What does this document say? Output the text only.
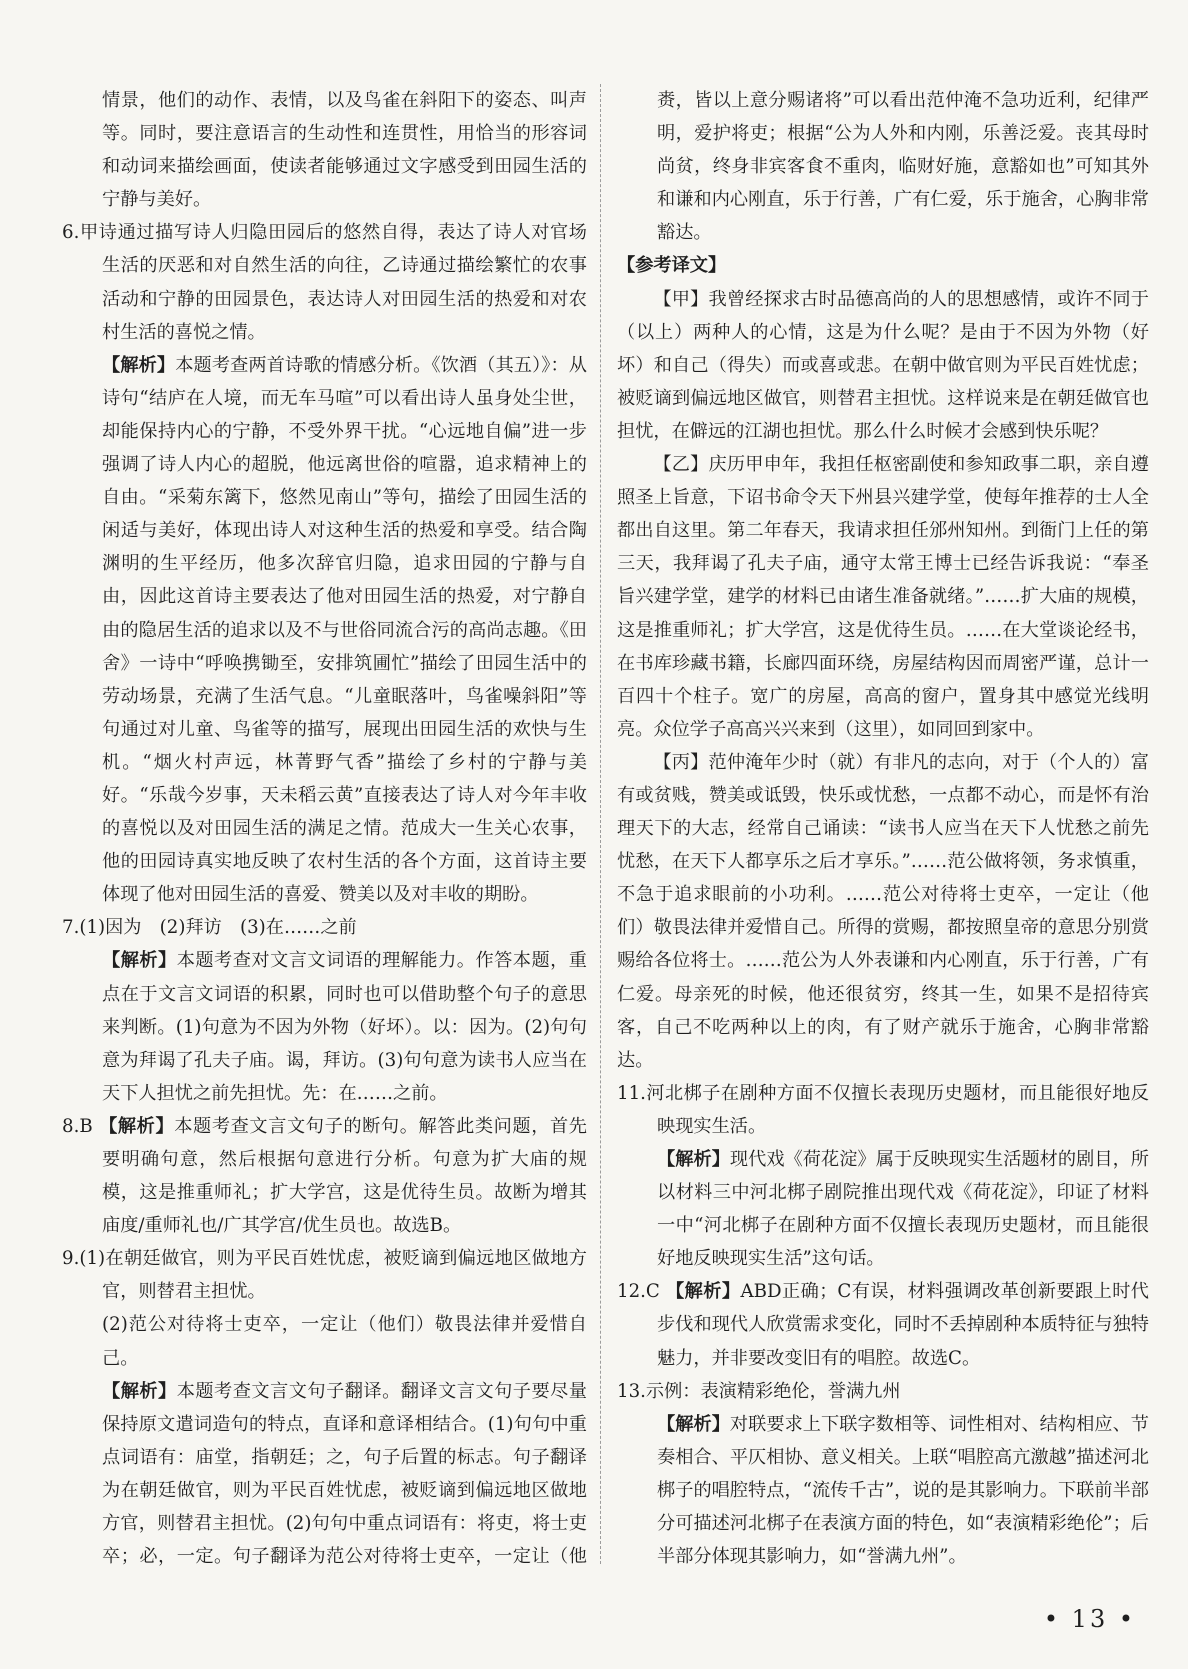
情景，他们的动作、表情，以及鸟雀在斜阳下的姿态、叫声等。同时，要注意语言的生动性和连贯性，用恰当的形容词和动词来描绘画面，使读者能够通过文字感受到田园生活的宁静与美好。

6.甲诗通过描写诗人归隐田园后的悠然自得，表达了诗人对官场生活的厌恶和对自然生活的向往，乙诗通过描绘繁忙的农事活动和宁静的田园景色，表达诗人对田园生活的热爱和对农村生活的喜悦之情。

【解析】本题考查两首诗歌的情感分析。《饮酒（其五）》：从诗句“结庐在人境，而无车马喧”可以看出诗人虽身处尘世，却能保持内心的宁静，不受外界干扰。“心远地自偏”进一步强调了诗人内心的超脱，他远离世俗的喧嚣，追求精神上的自由。“采菊东篱下，悠然见南山”等句，描绘了田园生活的闲适与美好，体现出诗人对这种生活的热爱和享受。结合陶渊明的生平经历，他多次辞官归隐，追求田园的宁静与自由，因此这首诗主要表达了他对田园生活的热爱，对宁静自由的隐居生活的追求以及不与世俗同流合污的高尚志趣。《田舍》一诗中“呼唤携锄至，安排筑圃忙”描绘了田园生活中的劳动场景，充满了生活气息。“儿童眠落叶，鸟雀噪斜阳”等句通过对儿童、鸟雀等的描写，展现出田园生活的欢快与生机。“烟火村声远，林菁野气香”描绘了乡村的宁静与美好。“乐哉今岁事，天未稻云黄”直接表达了诗人对今年丰收的喜悦以及对田园生活的满足之情。范成大一生关心农事，他的田园诗真实地反映了农村生活的各个方面，这首诗主要体现了他对田园生活的喜爱、赞美以及对丰收的期盼。

7.(1)因为　(2)拜访　(3)在……之前

【解析】本题考查对文言文词语的理解能力。作答本题，重点在于文言文词语的积累，同时也可以借助整个句子的意思来判断。(1)句意为不因为外物（好坏）。以：因为。(2)句句意为拜谒了孔夫子庙。谒，拜访。(3)句句意为读书人应当在天下人担忧之前先担忧。先：在……之前。

8.B 【解析】本题考查文言文句子的断句。解答此类问题，首先要明确句意，然后根据句意进行分析。句意为扩大庙的规模，这是推重师礼；扩大学宫，这是优待生员。故断为增其庙度/重师礼也/广其学宫/优生员也。故选B。

9.(1)在朝廷做官，则为平民百姓忧虑，被贬谪到偏远地区做地方官，则替君主担忧。

(2)范公对待将士吏卒，一定让（他们）敬畏法律并爱惜自己。

【解析】本题考查文言文句子翻译。翻译文言文句子要尽量保持原文遣词造句的特点，直译和意译相结合。(1)句句中重点词语有：庙堂，指朝廷；之，句子后置的标志。句子翻译为在朝廷做官，则为平民百姓忧虑，被贬谪到偏远地区做地方官，则替君主担忧。(2)句句中重点词语有：将吏，将士吏卒；必，一定。句子翻译为范公对待将士吏卒，一定让（他

赉，皆以上意分赐诸将”可以看出范仲淹不急功近利，纪律严明，爱护将吏；根据“公为人外和内刚，乐善泛爱。丧其母时尚贫，终身非宾客食不重肉，临财好施，意豁如也”可知其外和谦和内心刚直，乐于行善，广有仁爱，乐于施舍，心胸非常豁达。

【参考译文】

【甲】我曾经探求古时品德高尚的人的思想感情，或许不同于（以上）两种人的心情，这是为什么呢？是由于不因为外物（好坏）和自己（得失）而或喜或悲。在朝中做官则为平民百姓忧虑；被贬谪到偏远地区做官，则替君主担忧。这样说来是在朝廷做官也担忧，在僻远的江湖也担忧。那么什么时候才会感到快乐呢？

【乙】庆历甲申年，我担任枢密副使和参知政事二职，亲自遵照圣上旨意，下诏书命令天下州县兴建学堂，使每年推荐的士人全都出自这里。第二年春天，我请求担任邠州知州。到衙门上任的第三天，我拜谒了孔夫子庙，通守太常王博士已经告诉我说：“奉圣旨兴建学堂，建学的材料已由诸生准备就绪。”……扩大庙的规模，这是推重师礼；扩大学宫，这是优待生员。……在大堂谈论经书，在书库珍藏书籍，长廊四面环绕，房屋结构因而周密严谨，总计一百四十个柱子。宽广的房屋，高高的窗户，置身其中感觉光线明亮。众位学子高高兴兴来到（这里），如同回到家中。

【丙】范仲淹年少时（就）有非凡的志向，对于（个人的）富有或贫贱，赞美或诋毁，快乐或忧愁，一点都不动心，而是怀有治理天下的大志，经常自己诵读：“读书人应当在天下人忧愁之前先忧愁，在天下人都享乐之后才享乐。”……范公做将领，务求慎重，不急于追求眼前的小功利。……范公对待将士吏卒，一定让（他们）敬畏法律并爱惜自己。所得的赏赐，都按照皇帝的意思分别赏赐给各位将士。……范公为人外表谦和内心刚直，乐于行善，广有仁爱。母亲死的时候，他还很贫穷，终其一生，如果不是招待宾客，自己不吃两种以上的肉，有了财产就乐于施舍，心胸非常豁达。

11.河北梆子在剧种方面不仅擅长表现历史题材，而且能很好地反映现实生活。

【解析】现代戏《荷花淀》属于反映现实生活题材的剧目，所以材料三中河北梆子剧院推出现代戏《荷花淀》，印证了材料一中“河北梆子在剧种方面不仅擅长表现历史题材，而且能很好地反映现实生活”这句话。

12.C 【解析】ABD正确；C有误，材料强调改革创新要跟上时代步伐和现代人欣赏需求变化，同时不丢掉剧种本质特征与独特魅力，并非要改变旧有的唱腔。故选C。

13.示例：表演精彩绝伦，誉满九州

【解析】对联要求上下联字数相等、词性相对、结构相应、节奏相合、平仄相协、意义相关。上联“唱腔高亢激越”描述河北梆子的唱腔特点，“流传千古”，说的是其影响力。下联前半部分可描述河北梆子在表演方面的特色，如“表演精彩绝伦”；后半部分体现其影响力，如“誉满九州”。

• 13 •
